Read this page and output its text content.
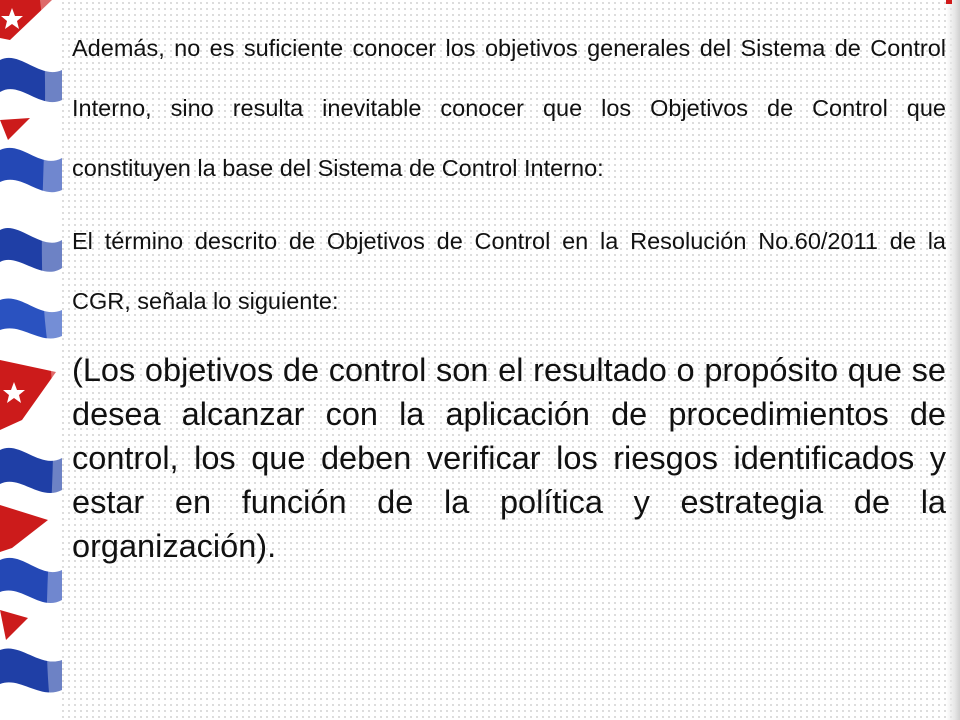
Además, no es suficiente conocer los objetivos generales del Sistema de Control Interno, sino resulta inevitable conocer que los Objetivos de Control que constituyen la base del Sistema de Control Interno:

El término descrito de Objetivos de Control en la Resolución No.60/2011 de la CGR, señala lo siguiente:

(Los objetivos de control son el resultado o propósito que se desea alcanzar con la aplicación de procedimientos de control, los que deben verificar los riesgos identificados y estar en función de la política y estrategia de la organización).
